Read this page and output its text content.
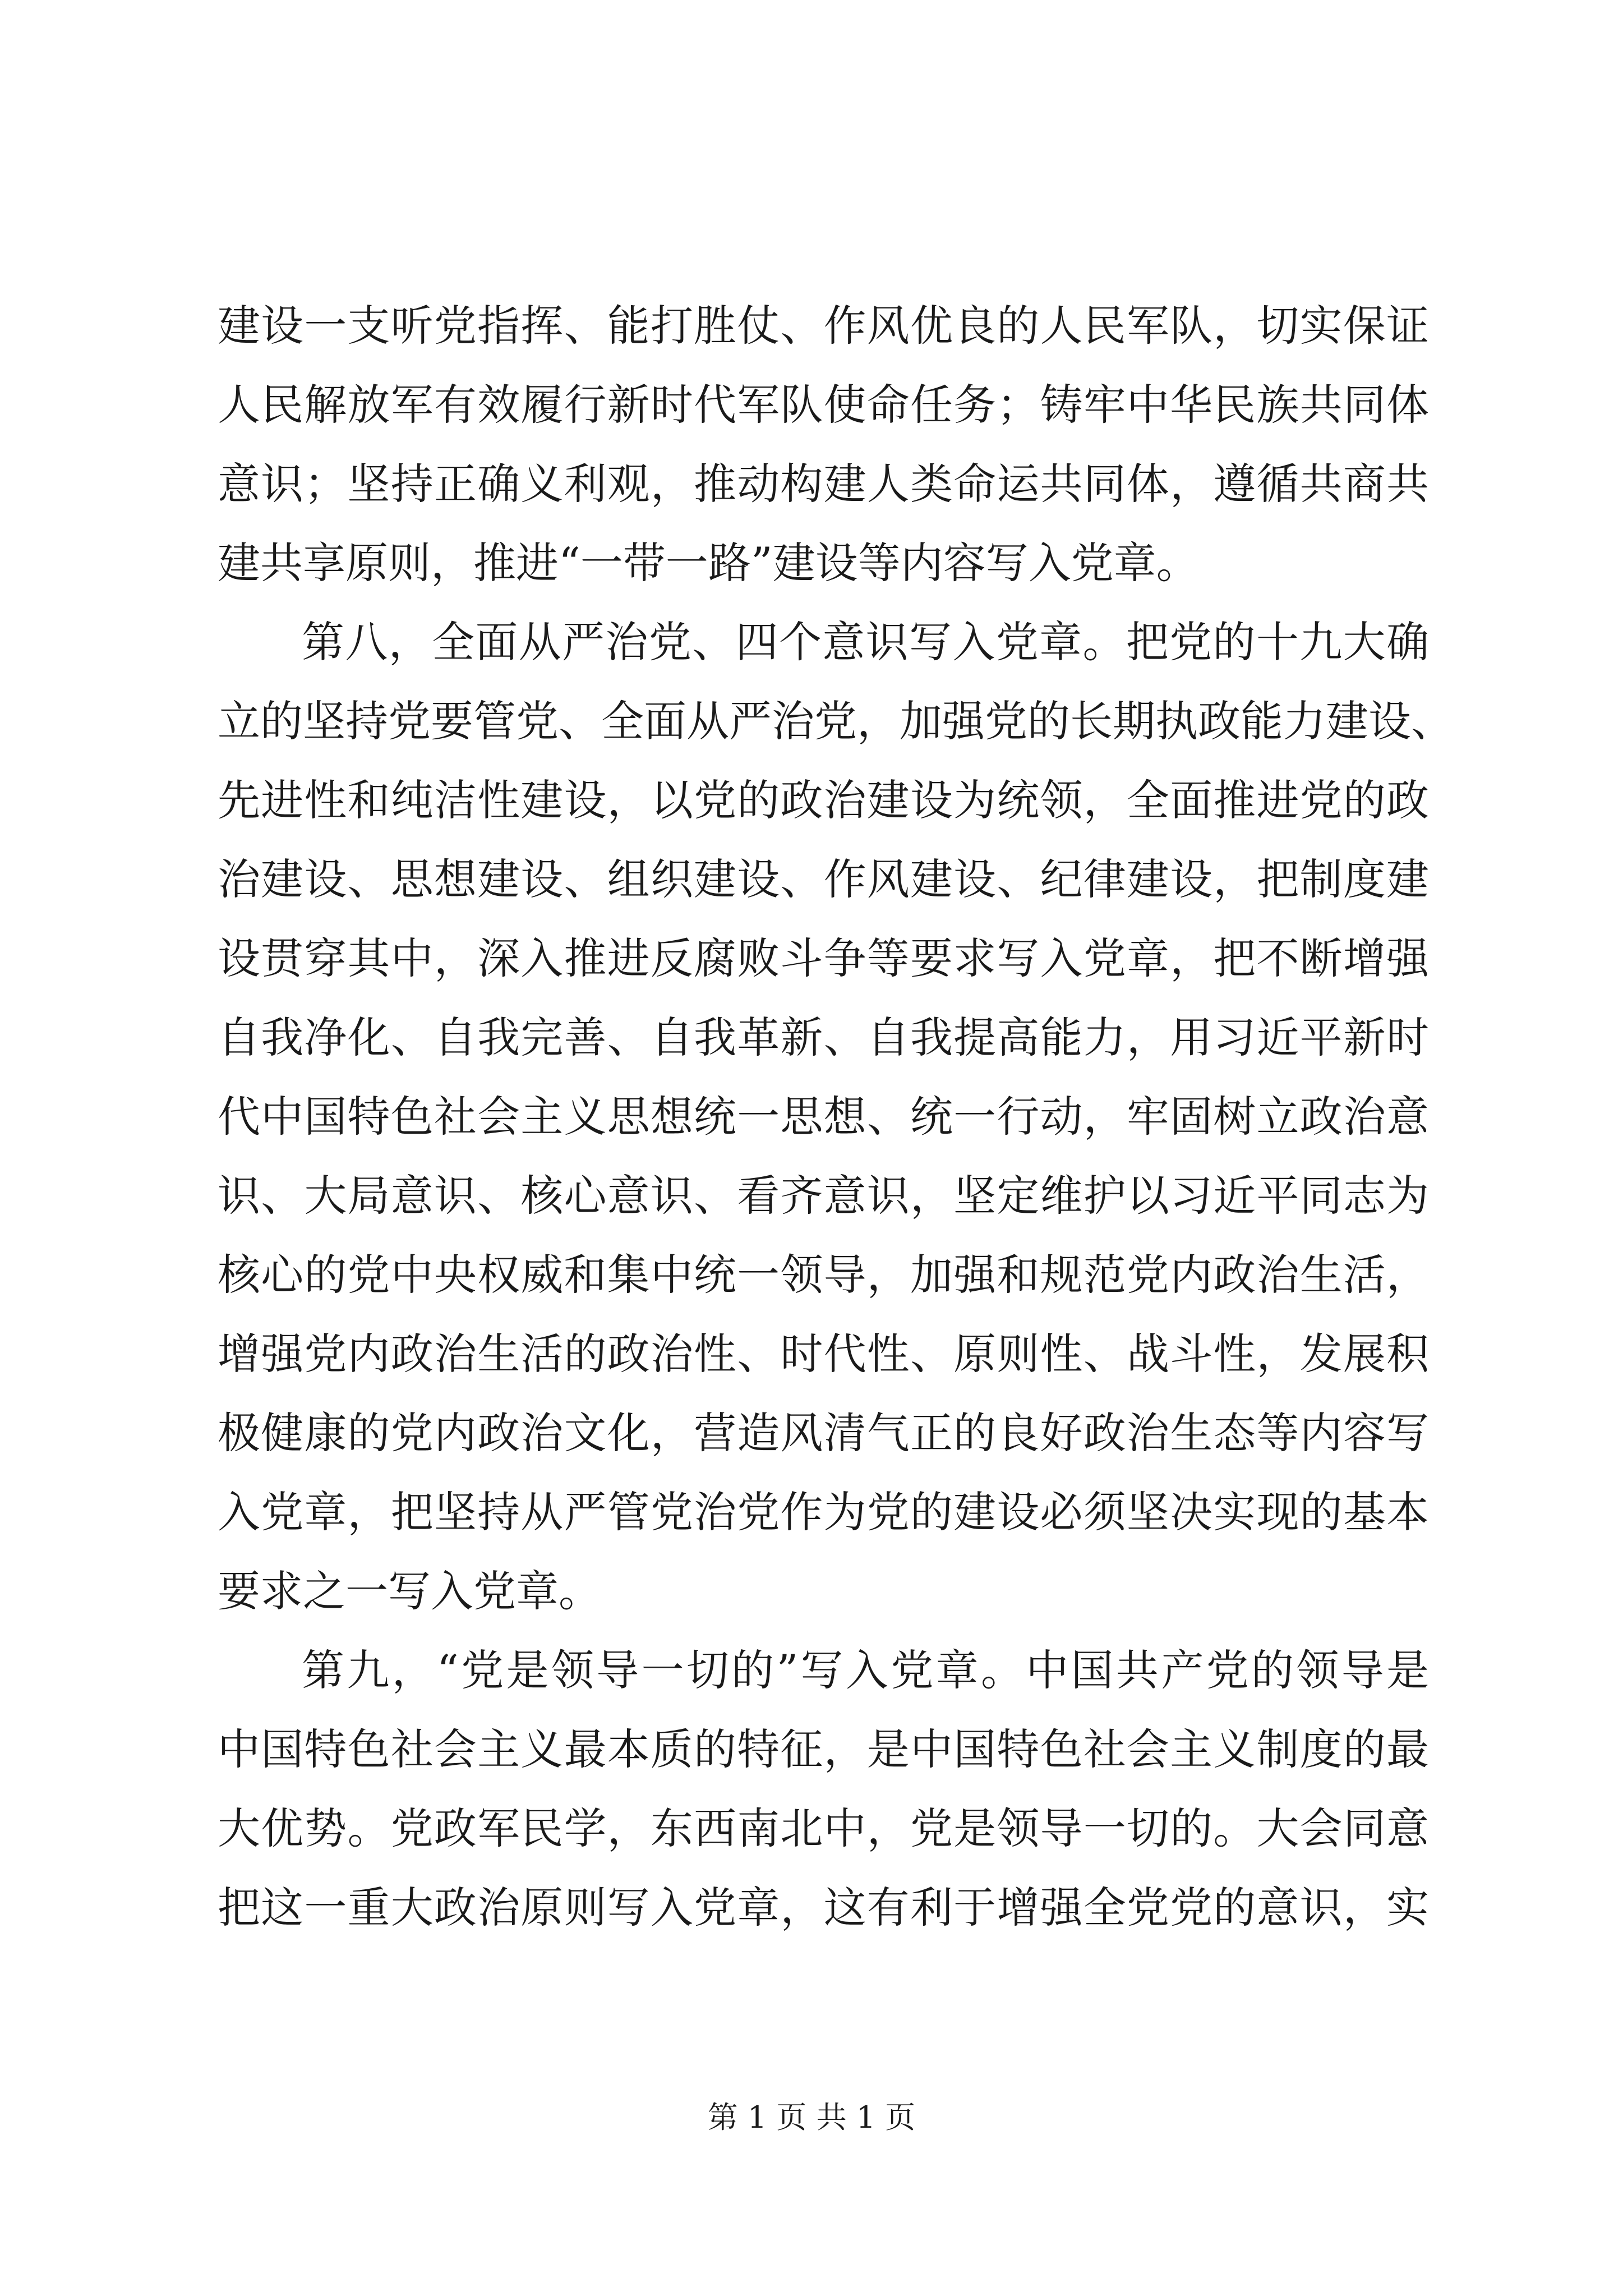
建设一支听党指挥、能打胜仗、作风优良的人民军队，切实保证
人民解放军有效履行新时代军队使命任务；铸牢中华民族共同体
意识；坚持正确义利观，推动构建人类命运共同体，遵循共商共
建共享原则，推进“一带一路”建设等内容写入党章。
第八，全面从严治党、四个意识写入党章。把党的十九大确
立的坚持党要管党、全面从严治党，加强党的长期执政能力建设、
先进性和纯洁性建设，以党的政治建设为统领，全面推进党的政
治建设、思想建设、组织建设、作风建设、纪律建设，把制度建
设贯穿其中，深入推进反腐败斗争等要求写入党章，把不断增强
自我净化、自我完善、自我革新、自我提高能力，用习近平新时
代中国特色社会主义思想统一思想、统一行动，牢固树立政治意
识、大局意识、核心意识、看齐意识，坚定维护以习近平同志为
核心的党中央权威和集中统一领导，加强和规范党内政治生活，
增强党内政治生活的政治性、时代性、原则性、战斗性，发展积
极健康的党内政治文化，营造风清气正的良好政治生态等内容写
入党章，把坚持从严管党治党作为党的建设必须坚决实现的基本
要求之一写入党章。
第九，“党是领导一切的”写入党章。中国共产党的领导是
中国特色社会主义最本质的特征，是中国特色社会主义制度的最
大优势。党政军民学，东西南北中，党是领导一切的。大会同意
把这一重大政治原则写入党章，这有利于增强全党党的意识，实
第 1 页 共 1 页
